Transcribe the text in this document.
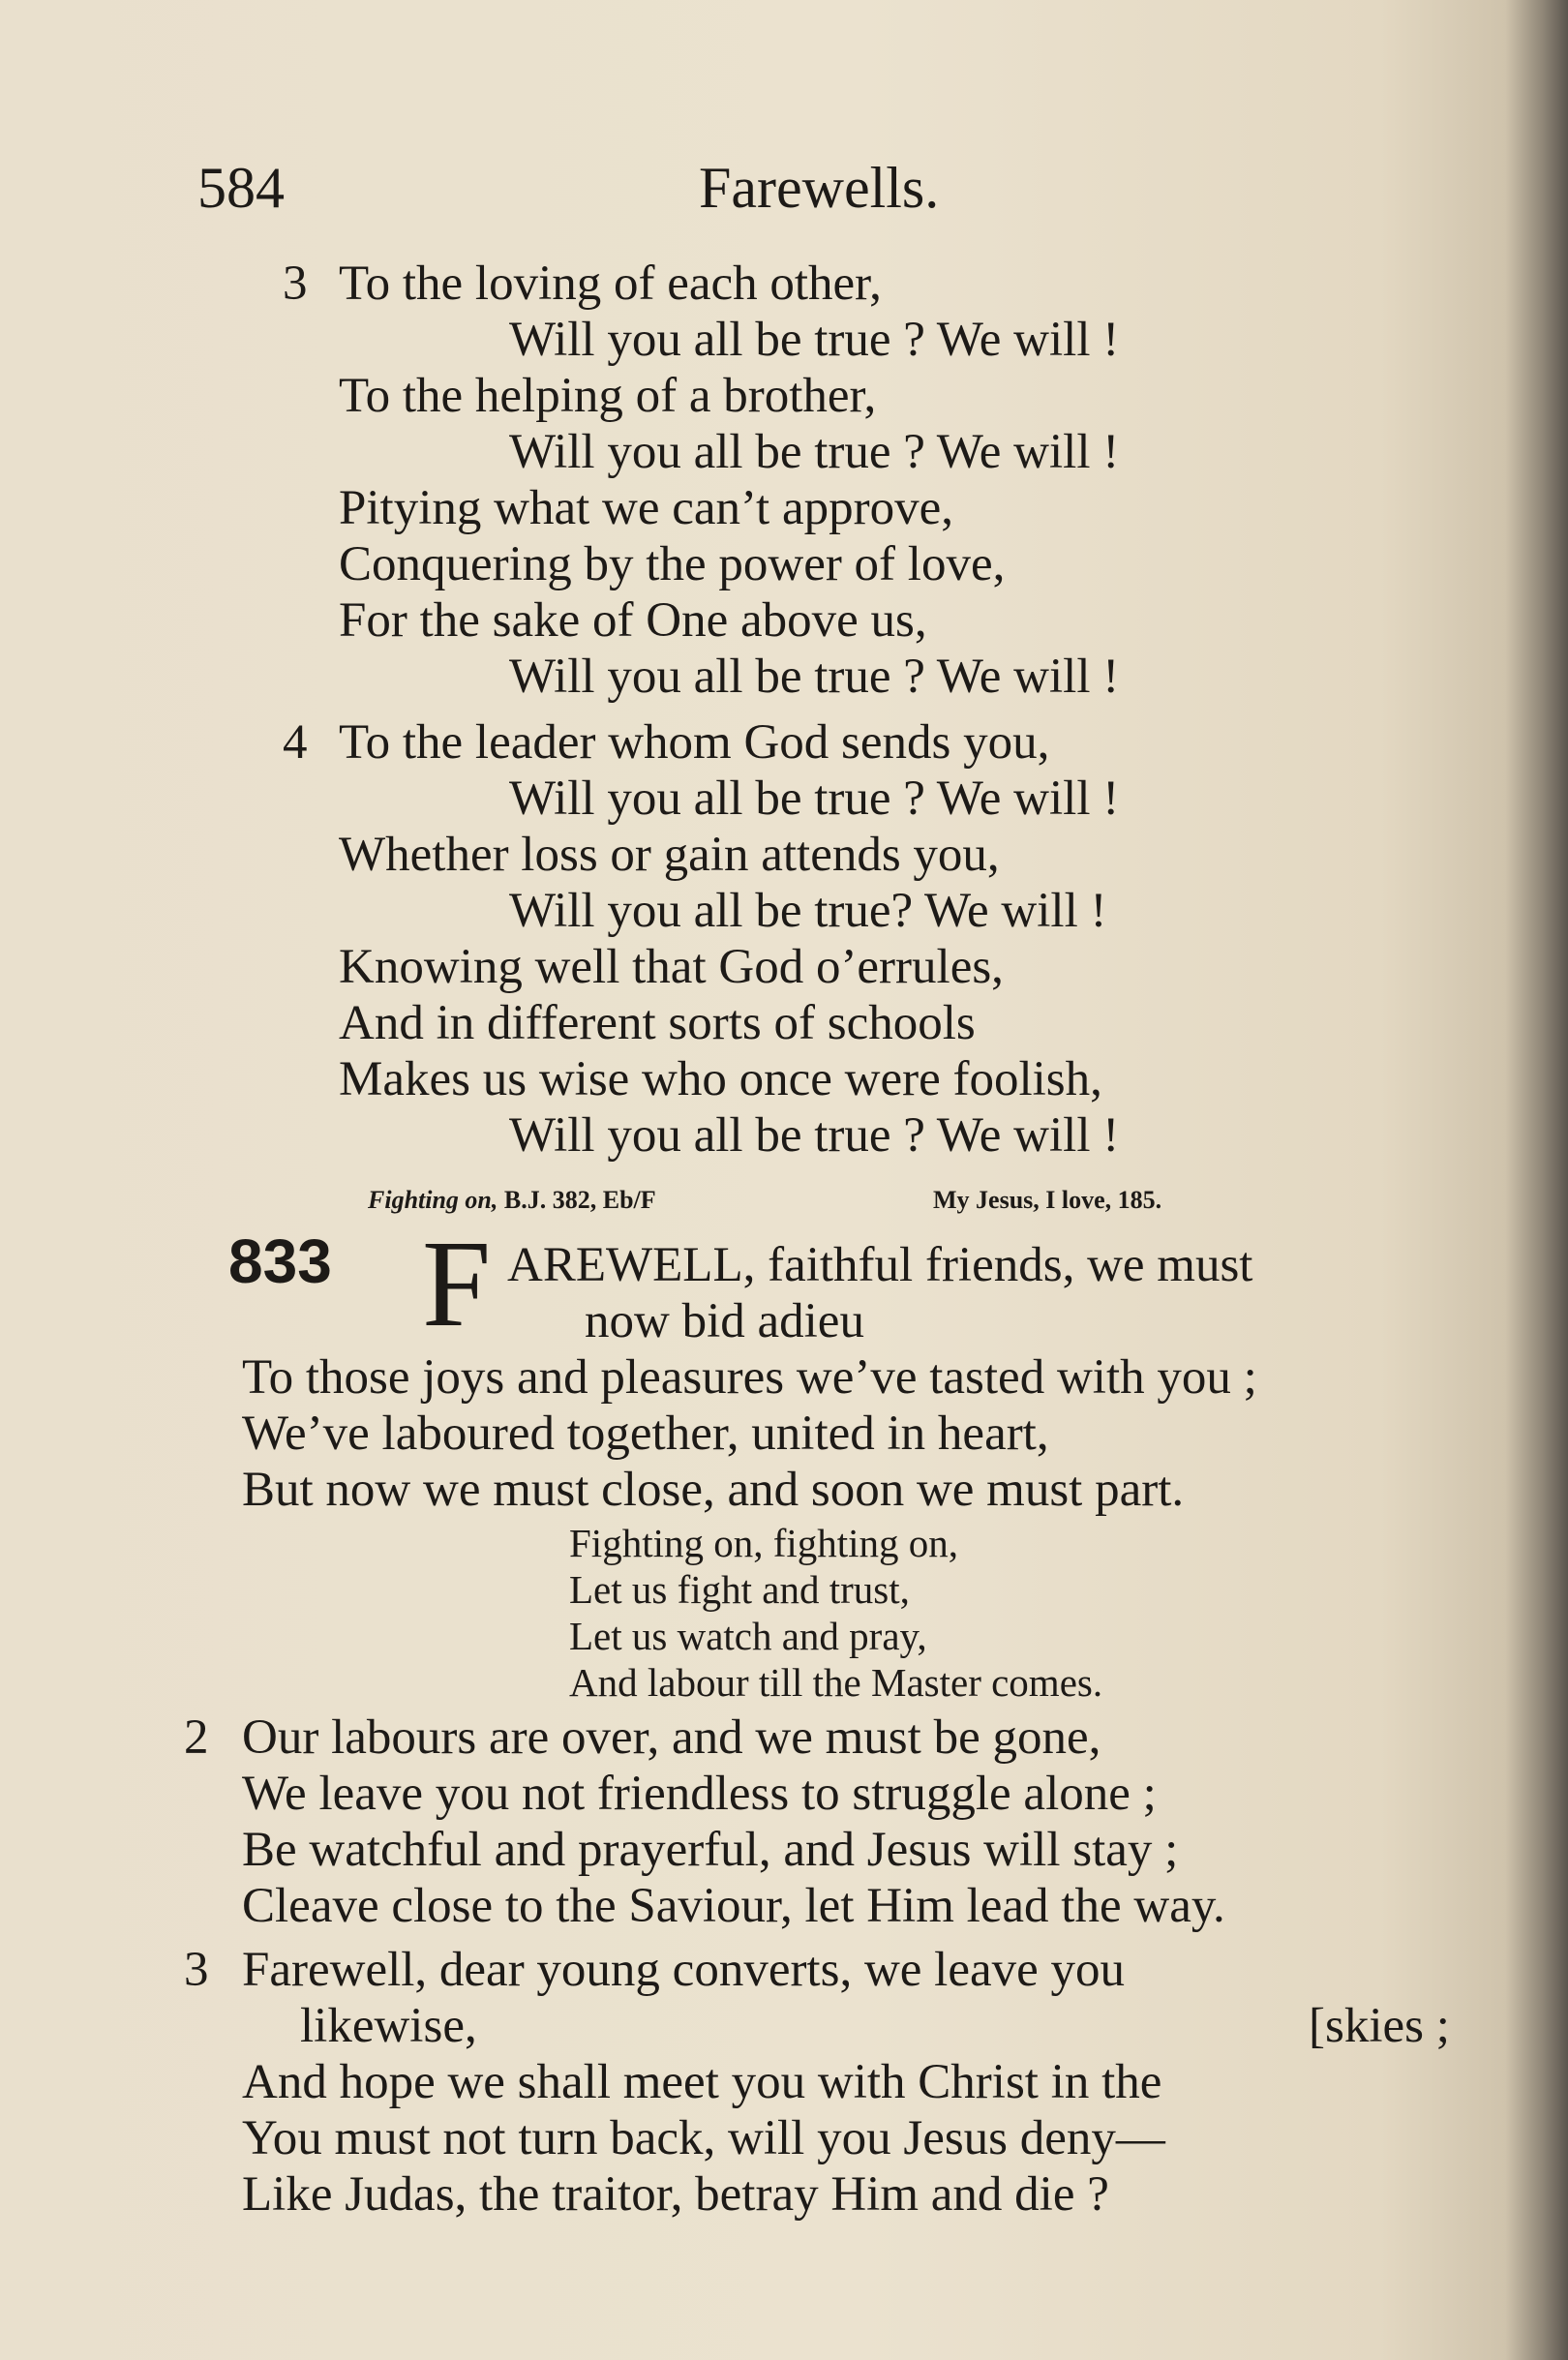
584	Farewells.
3 To the loving of each other,
Will you all be true ? We will !
To the helping of a brother,
Will you all be true ? We will !
Pitying what we can’t approve,
Conquering by the power of love,
For the sake of One above us,
Will you all be true ? We will !
4 To the leader whom God sends you,
Will you all be true ? We will !
Whether loss or gain attends you,
Will you all be true? We will !
Knowing well that God o’errules,
And in different sorts of schools
Makes us wise who once were foolish,
Will you all be true ? We will !
Fighting on, B.J. 382, Eb/F	My Jesus, I love, 185.
833 F AREWELL, faithful friends, we must
now bid adieu
To those joys and pleasures we’ve tasted with you ;
We’ve laboured together, united in heart,
But now we must close, and soon we must part.
Fighting on, fighting on,
Let us fight and trust,
Let us watch and pray,
And labour till the Master comes.
2 Our labours are over, and we must be gone,
We leave you not friendless to struggle alone ;
Be watchful and prayerful, and Jesus will stay ;
Cleave close to the Saviour, let Him lead the way.
3 Farewell, dear young converts, we leave you
likewise,	[skies ;
And hope we shall meet you with Christ in the
You must not turn back, will you Jesus deny—
Like Judas, the traitor, betray Him and die ?
